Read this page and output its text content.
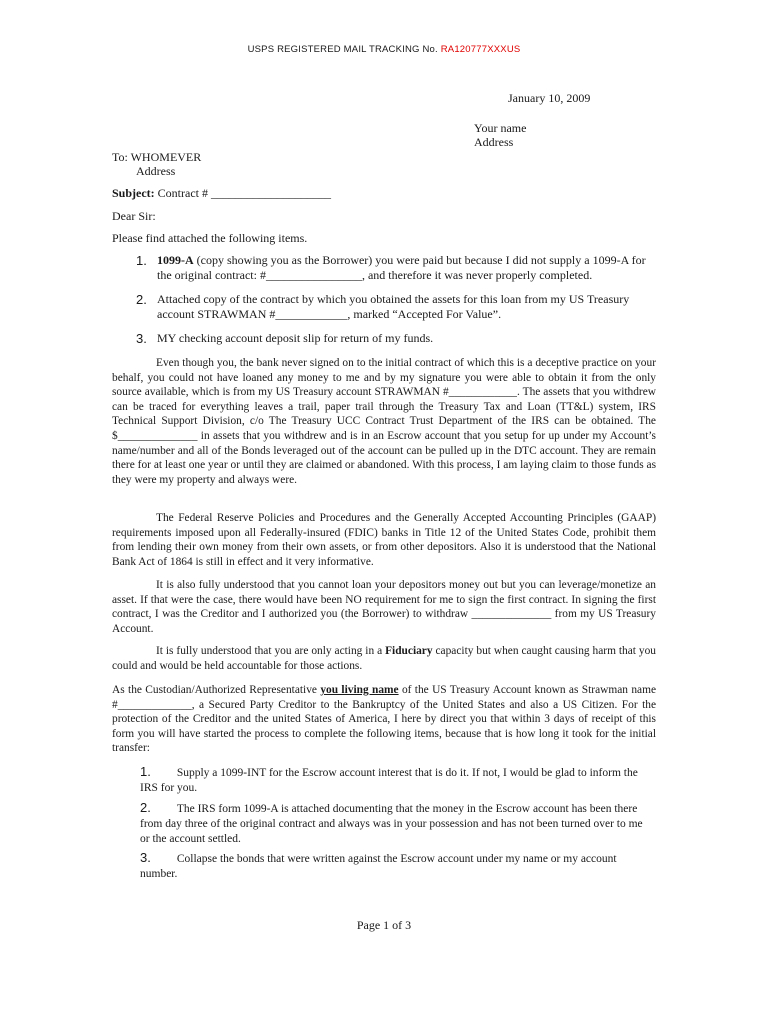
USPS REGISTERED MAIL TRACKING No. RA120777XXXUS
January 10, 2009
Your name
Address
To: WHOMEVER
Address
Subject: Contract # ____________________
Dear Sir:
Please find attached the following items.
1. 1099-A (copy showing you as the Borrower) you were paid but because I did not supply a 1099-A for the original contract: #________________, and therefore it was never properly completed.
2. Attached copy of the contract by which you obtained the assets for this loan from my US Treasury account STRAWMAN #____________, marked “Accepted For Value”.
3. MY checking account deposit slip for return of my funds.
Even though you, the bank never signed on to the initial contract of which this is a deceptive practice on your behalf, you could not have loaned any money to me and by my signature you were able to obtain it from the only source available, which is from my US Treasury account STRAWMAN #____________. The assets that you withdrew can be traced for everything leaves a trail, paper trail through the Treasury Tax and Loan (TT&L) system, IRS Technical Support Division, c/o The Treasury UCC Contract Trust Department of the IRS can be obtained. The $______________ in assets that you withdrew and is in an Escrow account that you setup for up under my Account’s name/number and all of the Bonds leveraged out of the account can be pulled up in the DTC account. They are remain there for at least one year or until they are claimed or abandoned. With this process, I am laying claim to those funds as they were my property and always were.
The Federal Reserve Policies and Procedures and the Generally Accepted Accounting Principles (GAAP) requirements imposed upon all Federally-insured (FDIC) banks in Title 12 of the United States Code, prohibit them from lending their own money from their own assets, or from other depositors. Also it is understood that the National Bank Act of 1864 is still in effect and it very informative.
It is also fully understood that you cannot loan your depositors money out but you can leverage/monetize an asset. If that were the case, there would have been NO requirement for me to sign the first contract. In signing the first contract, I was the Creditor and I authorized you (the Borrower) to withdraw ______________ from my US Treasury Account.
It is fully understood that you are only acting in a Fiduciary capacity but when caught causing harm that you could and would be held accountable for those actions.
As the Custodian/Authorized Representative you living name of the US Treasury Account known as Strawman name #_____________, a Secured Party Creditor to the Bankruptcy of the United States and also a US Citizen. For the protection of the Creditor and the united States of America, I here by direct you that within 3 days of receipt of this form you will have started the process to complete the following items, because that is how long it took for the initial transfer:
1. Supply a 1099-INT for the Escrow account interest that is do it. If not, I would be glad to inform the IRS for you.
2. The IRS form 1099-A is attached documenting that the money in the Escrow account has been there from day three of the original contract and always was in your possession and has not been turned over to me or the account settled.
3. Collapse the bonds that were written against the Escrow account under my name or my account number.
Page 1 of 3
